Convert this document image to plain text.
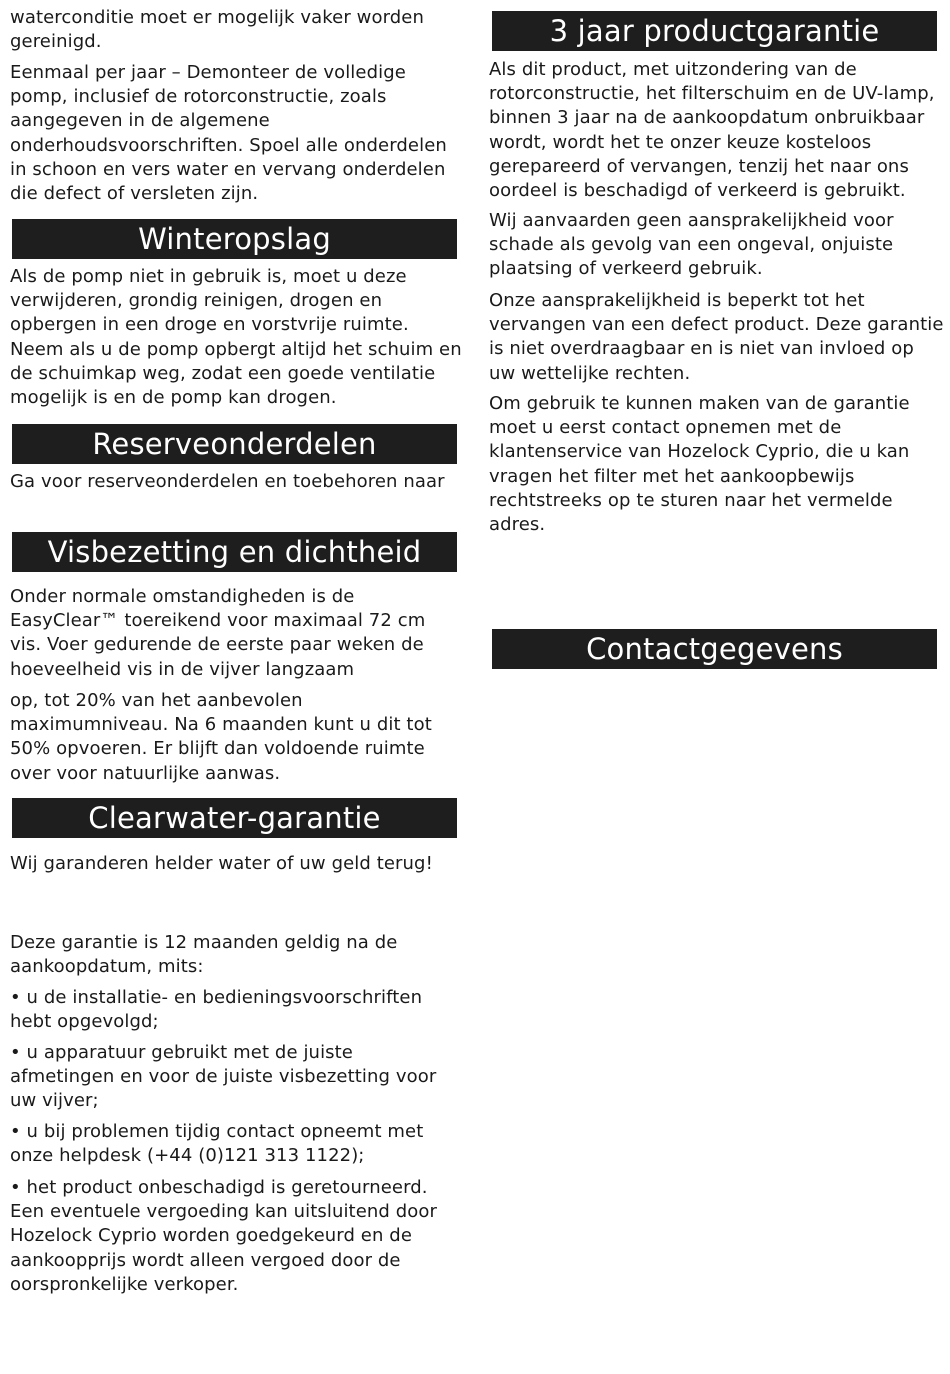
waterconditie moet er mogelijk vaker worden gereinigd.

Eenmaal per jaar – Demonteer de volledige pomp, inclusief de rotorconstructie, zoals aangegeven in de algemene onderhoudsvoorschriften. Spoel alle onderdelen in schoon en vers water en vervang onderdelen die defect of versleten zijn.

Winteropslag

Als de pomp niet in gebruik is, moet u deze verwijderen, grondig reinigen, drogen en opbergen in een droge en vorstvrije ruimte. Neem als u de pomp opbergt altijd het schuim en de schuimkap weg, zodat een goede ventilatie mogelijk is en de pomp kan drogen.

Reserveonderdelen

Ga voor reserveonderdelen en toebehoren naar

Visbezetting en dichtheid

Onder normale omstandigheden is de EasyClear™ toereikend voor maximaal 72 cm vis. Voer gedurende de eerste paar weken de hoeveelheid vis in de vijver langzaam

op, tot 20% van het aanbevolen maximumniveau. Na 6 maanden kunt u dit tot 50% opvoeren. Er blijft dan voldoende ruimte over voor natuurlijke aanwas.

Clearwater-garantie

Wij garanderen helder water of uw geld terug!

Deze garantie is 12 maanden geldig na de aankoopdatum, mits:

• u de installatie- en bedieningsvoorschriften hebt opgevolgd;

• u apparatuur gebruikt met de juiste afmetingen en voor de juiste visbezetting voor uw vijver;

• u bij problemen tijdig contact opneemt met onze helpdesk (+44 (0)121 313 1122);

• het product onbeschadigd is geretourneerd. Een eventuele vergoeding kan uitsluitend door Hozelock Cyprio worden goedgekeurd en de aankoopprijs wordt alleen vergoed door de oorspronkelijke verkoper.

3 jaar productgarantie

Als dit product, met uitzondering van de rotorconstructie, het filterschuim en de UV-lamp, binnen 3 jaar na de aankoopdatum onbruikbaar wordt, wordt het te onzer keuze kosteloos gerepareerd of vervangen, tenzij het naar ons oordeel is beschadigd of verkeerd is gebruikt.

Wij aanvaarden geen aansprakelijkheid voor schade als gevolg van een ongeval, onjuiste plaatsing of verkeerd gebruik.

Onze aansprakelijkheid is beperkt tot het vervangen van een defect product. Deze garantie is niet overdraagbaar en is niet van invloed op uw wettelijke rechten.

Om gebruik te kunnen maken van de garantie moet u eerst contact opnemen met de klantenservice van Hozelock Cyprio, die u kan vragen het filter met het aankoopbewijs rechtstreeks op te sturen naar het vermelde adres.

Contactgegevens
